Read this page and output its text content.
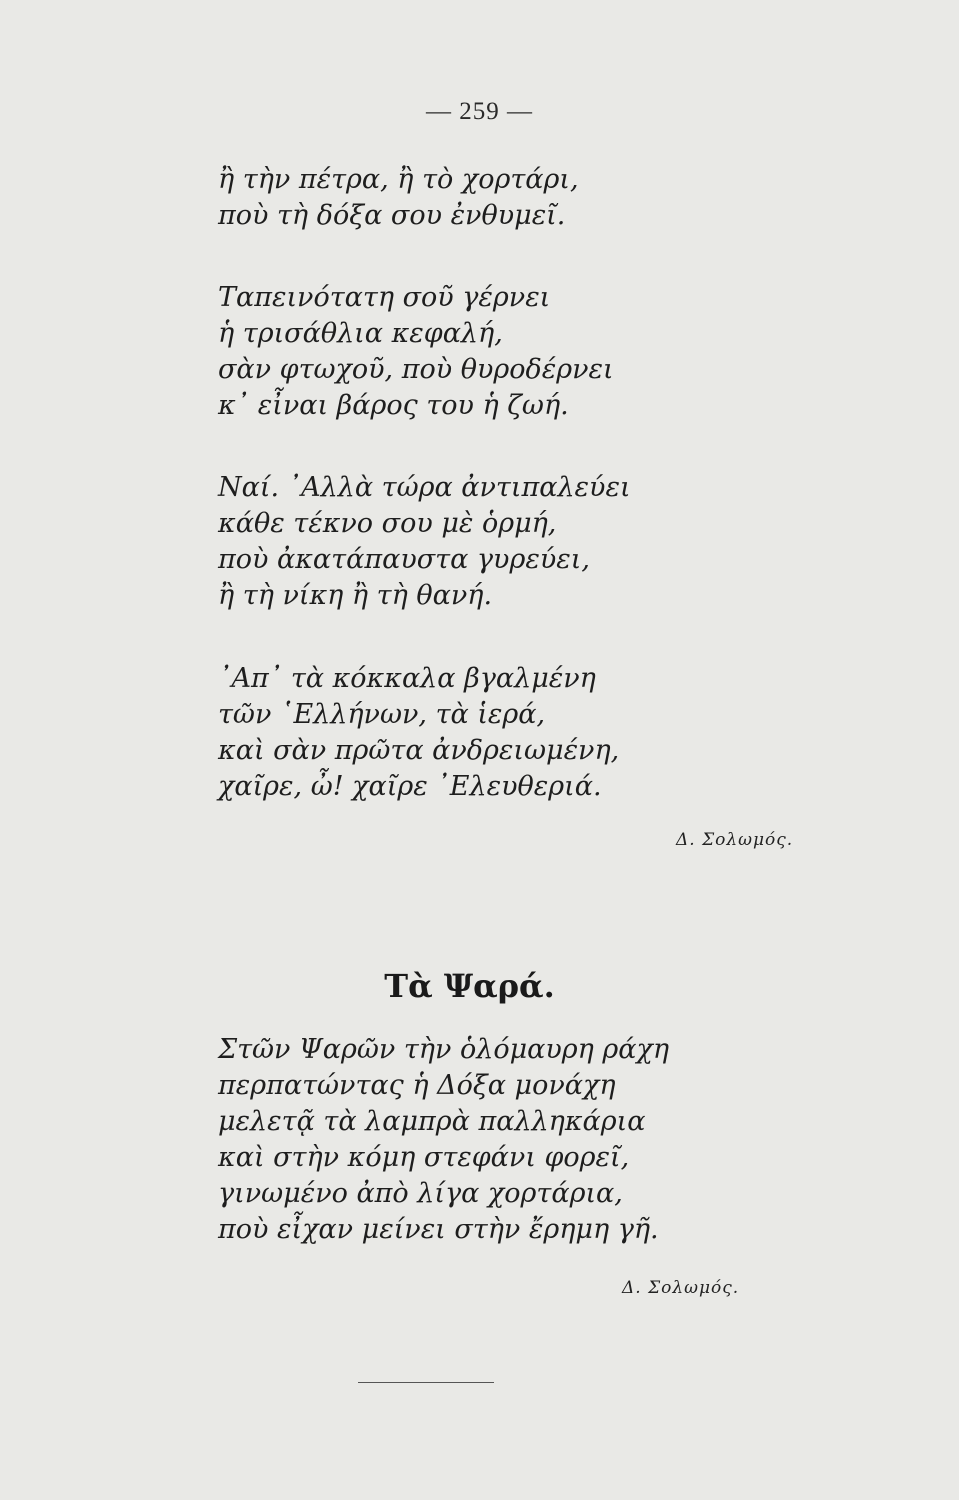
— 259 —
ἢ τὴν πέτρα, ἢ τὸ χορτάρι,
ποὺ τὴ δόξα σου ἐνθυμεῖ.
Ταπεινότατη σοῦ γέρνει
ἡ τρισάθλια κεφαλή,
σὰν φτωχοῦ, ποὺ θυροδέρνει
κ᾽ εἶναι βάρος του ἡ ζωή.
Ναί. ᾽Αλλὰ τώρα ἀντιπαλεύει
κάθε τέκνο σου μὲ ὁρμή,
ποὺ ἀκατάπαυστα γυρεύει,
ἢ τὴ νίκη ἢ τὴ θανή.
᾽Απ᾽ τὰ κόκκαλα βγαλμένη
τῶν ῾Ελλήνων, τὰ ἱερά,
καὶ σὰν πρῶτα ἀνδρειωμένη,
χαῖρε, ὦ! χαῖρε ᾽Ελευθεριά.
Δ. Σολωμός.
Τὰ Ψαρά.
Στῶν Ψαρῶν τὴν ὁλόμαυρη ράχη
περπατώντας ἡ Δόξα μονάχη
μελετᾷ τὰ λαμπρὰ παλληκάρια
καὶ στὴν κόμη στεφάνι φορεῖ,
γινωμένο ἀπὸ λίγα χορτάρια,
ποὺ εἶχαν μείνει στὴν ἔρημη γῆ.
Δ. Σολωμός.
